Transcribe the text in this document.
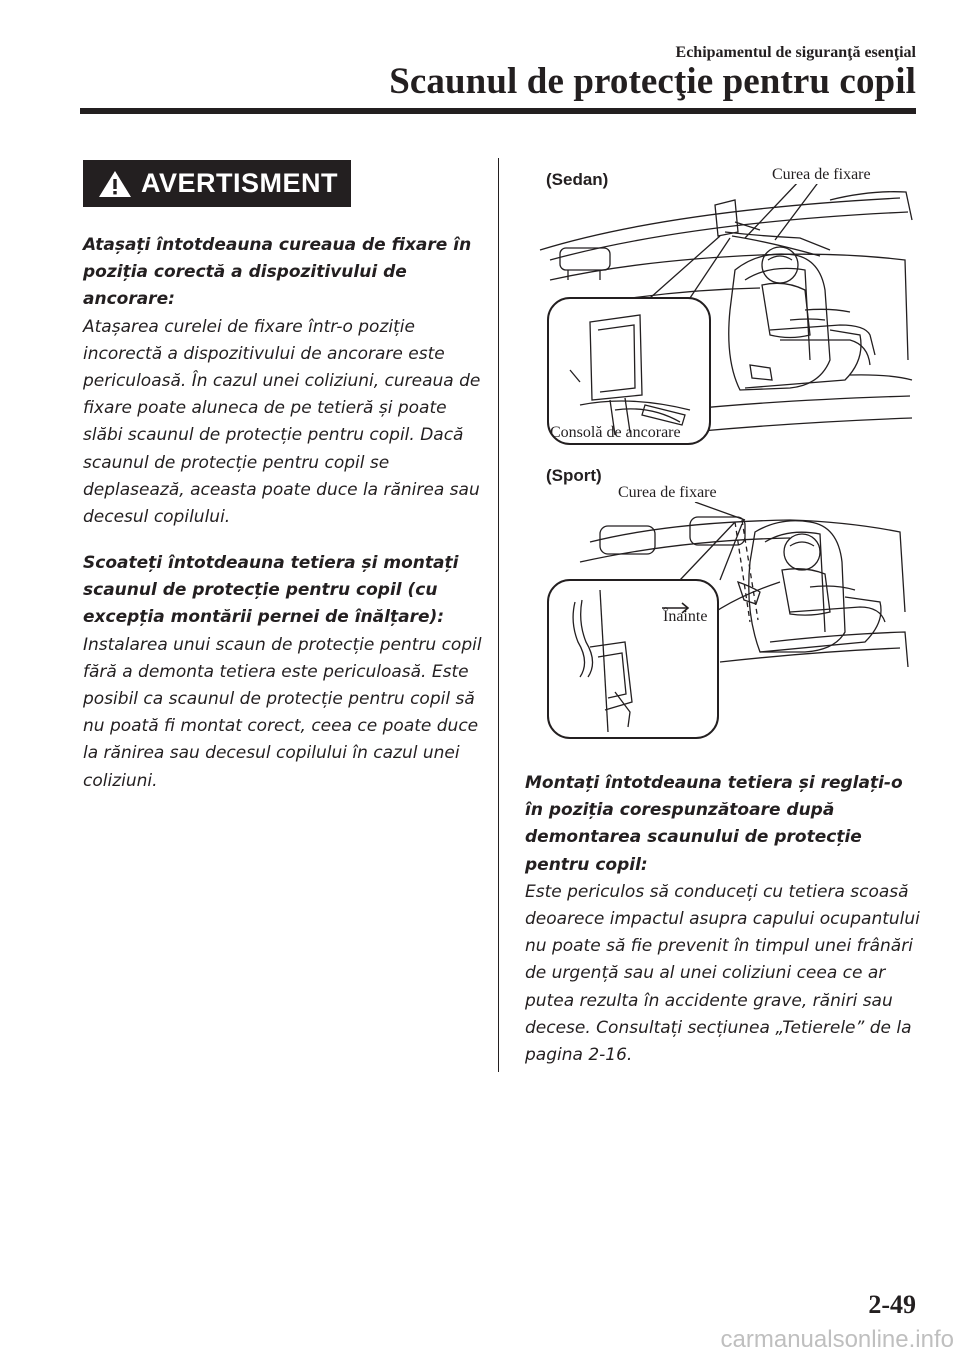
Echipamentul de siguranţă esenţial
Scaunul de protecţie pentru copil
AVERTISMENT

Atașați întotdeauna cureaua de fixare în poziția corectă a dispozitivului de ancorare:

Atașarea curelei de fixare într-o poziție incorectă a dispozitivului de ancorare este periculoasă. În cazul unei coliziuni, cureaua de fixare poate aluneca de pe tetieră și poate slăbi scaunul de protecție pentru copil. Dacă scaunul de protecție pentru copil se deplasează, aceasta poate duce la rănirea sau decesul copilului.

Scoateți întotdeauna tetiera și montați scaunul de protecție pentru copil (cu excepția montării pernei de înălțare):

Instalarea unui scaun de protecție pentru copil fără a demonta tetiera este periculoasă. Este posibil ca scaunul de protecție pentru copil să nu poată fi montat corect, ceea ce poate duce la rănirea sau decesul copilului în cazul unei coliziuni.

(Sedan)	Curea de fixare
Consolă de ancorare
(Sport)
Curea de fixare
Înainte

Montați întotdeauna tetiera și reglați-o în poziția corespunzătoare după demontarea scaunului de protecție pentru copil:

Este periculos să conduceți cu tetiera scoasă deoarece impactul asupra capului ocupantului nu poate să fie prevenit în timpul unei frânări de urgență sau al unei coliziuni ceea ce ar putea rezulta în accidente grave, răniri sau decese. Consultați secțiunea „Tetierele” de la pagina 2-16.

2-49
carmanualsonline.info
